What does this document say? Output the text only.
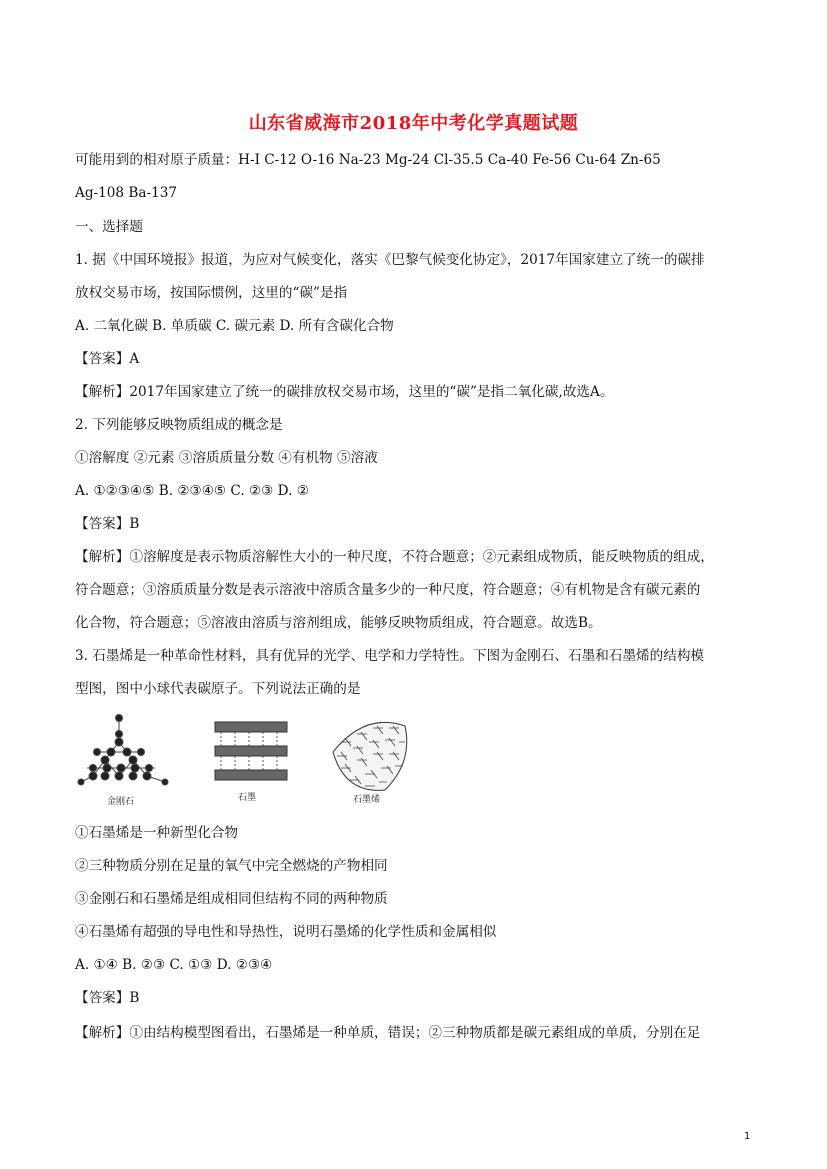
山东省威海市2018年中考化学真题试题
可能用到的相对原子质量：H-I C-12 O-16 Na-23 Mg-24 Cl-35.5 Ca-40 Fe-56 Cu-64 Zn-65
Ag-108 Ba-137
一、选择题
1. 据《中国环境报》报道，为应对气候变化，落实《巴黎气候变化协定》，2017年国家建立了统一的碳排
放权交易市场，按国际惯例，这里的“碳”是指
A. 二氧化碳 B. 单质碳 C. 碳元素 D. 所有含碳化合物
【答案】A
【解析】2017年国家建立了统一的碳排放权交易市场，这里的“碳”是指二氧化碳,故选A。
2. 下列能够反映物质组成的概念是
①溶解度 ②元素 ③溶质质量分数 ④有机物 ⑤溶液
A. ①②③④⑤ B. ②③④⑤ C. ②③ D. ②
【答案】B
【解析】①溶解度是表示物质溶解性大小的一种尺度，不符合题意；②元素组成物质，能反映物质的组成，
符合题意；③溶质质量分数是表示溶液中溶质含量多少的一种尺度，符合题意；④有机物是含有碳元素的
化合物，符合题意；⑤溶液由溶质与溶剂组成，能够反映物质组成，符合题意。故选B。
3. 石墨烯是一种革命性材料，具有优异的光学、电学和力学特性。下图为金刚石、石墨和石墨烯的结构模
型图，图中小球代表碳原子。下列说法正确的是
金刚石	石墨	石墨烯
①石墨烯是一种新型化合物
②三种物质分别在足量的氧气中完全燃烧的产物相同
③金刚石和石墨烯是组成相同但结构不同的两种物质
④石墨烯有超强的导电性和导热性，说明石墨烯的化学性质和金属相似
A. ①④ B. ②③ C. ①③ D. ②③④
【答案】B
【解析】①由结构模型图看出，石墨烯是一种单质，错误；②三种物质都是碳元素组成的单质，分别在足
1
